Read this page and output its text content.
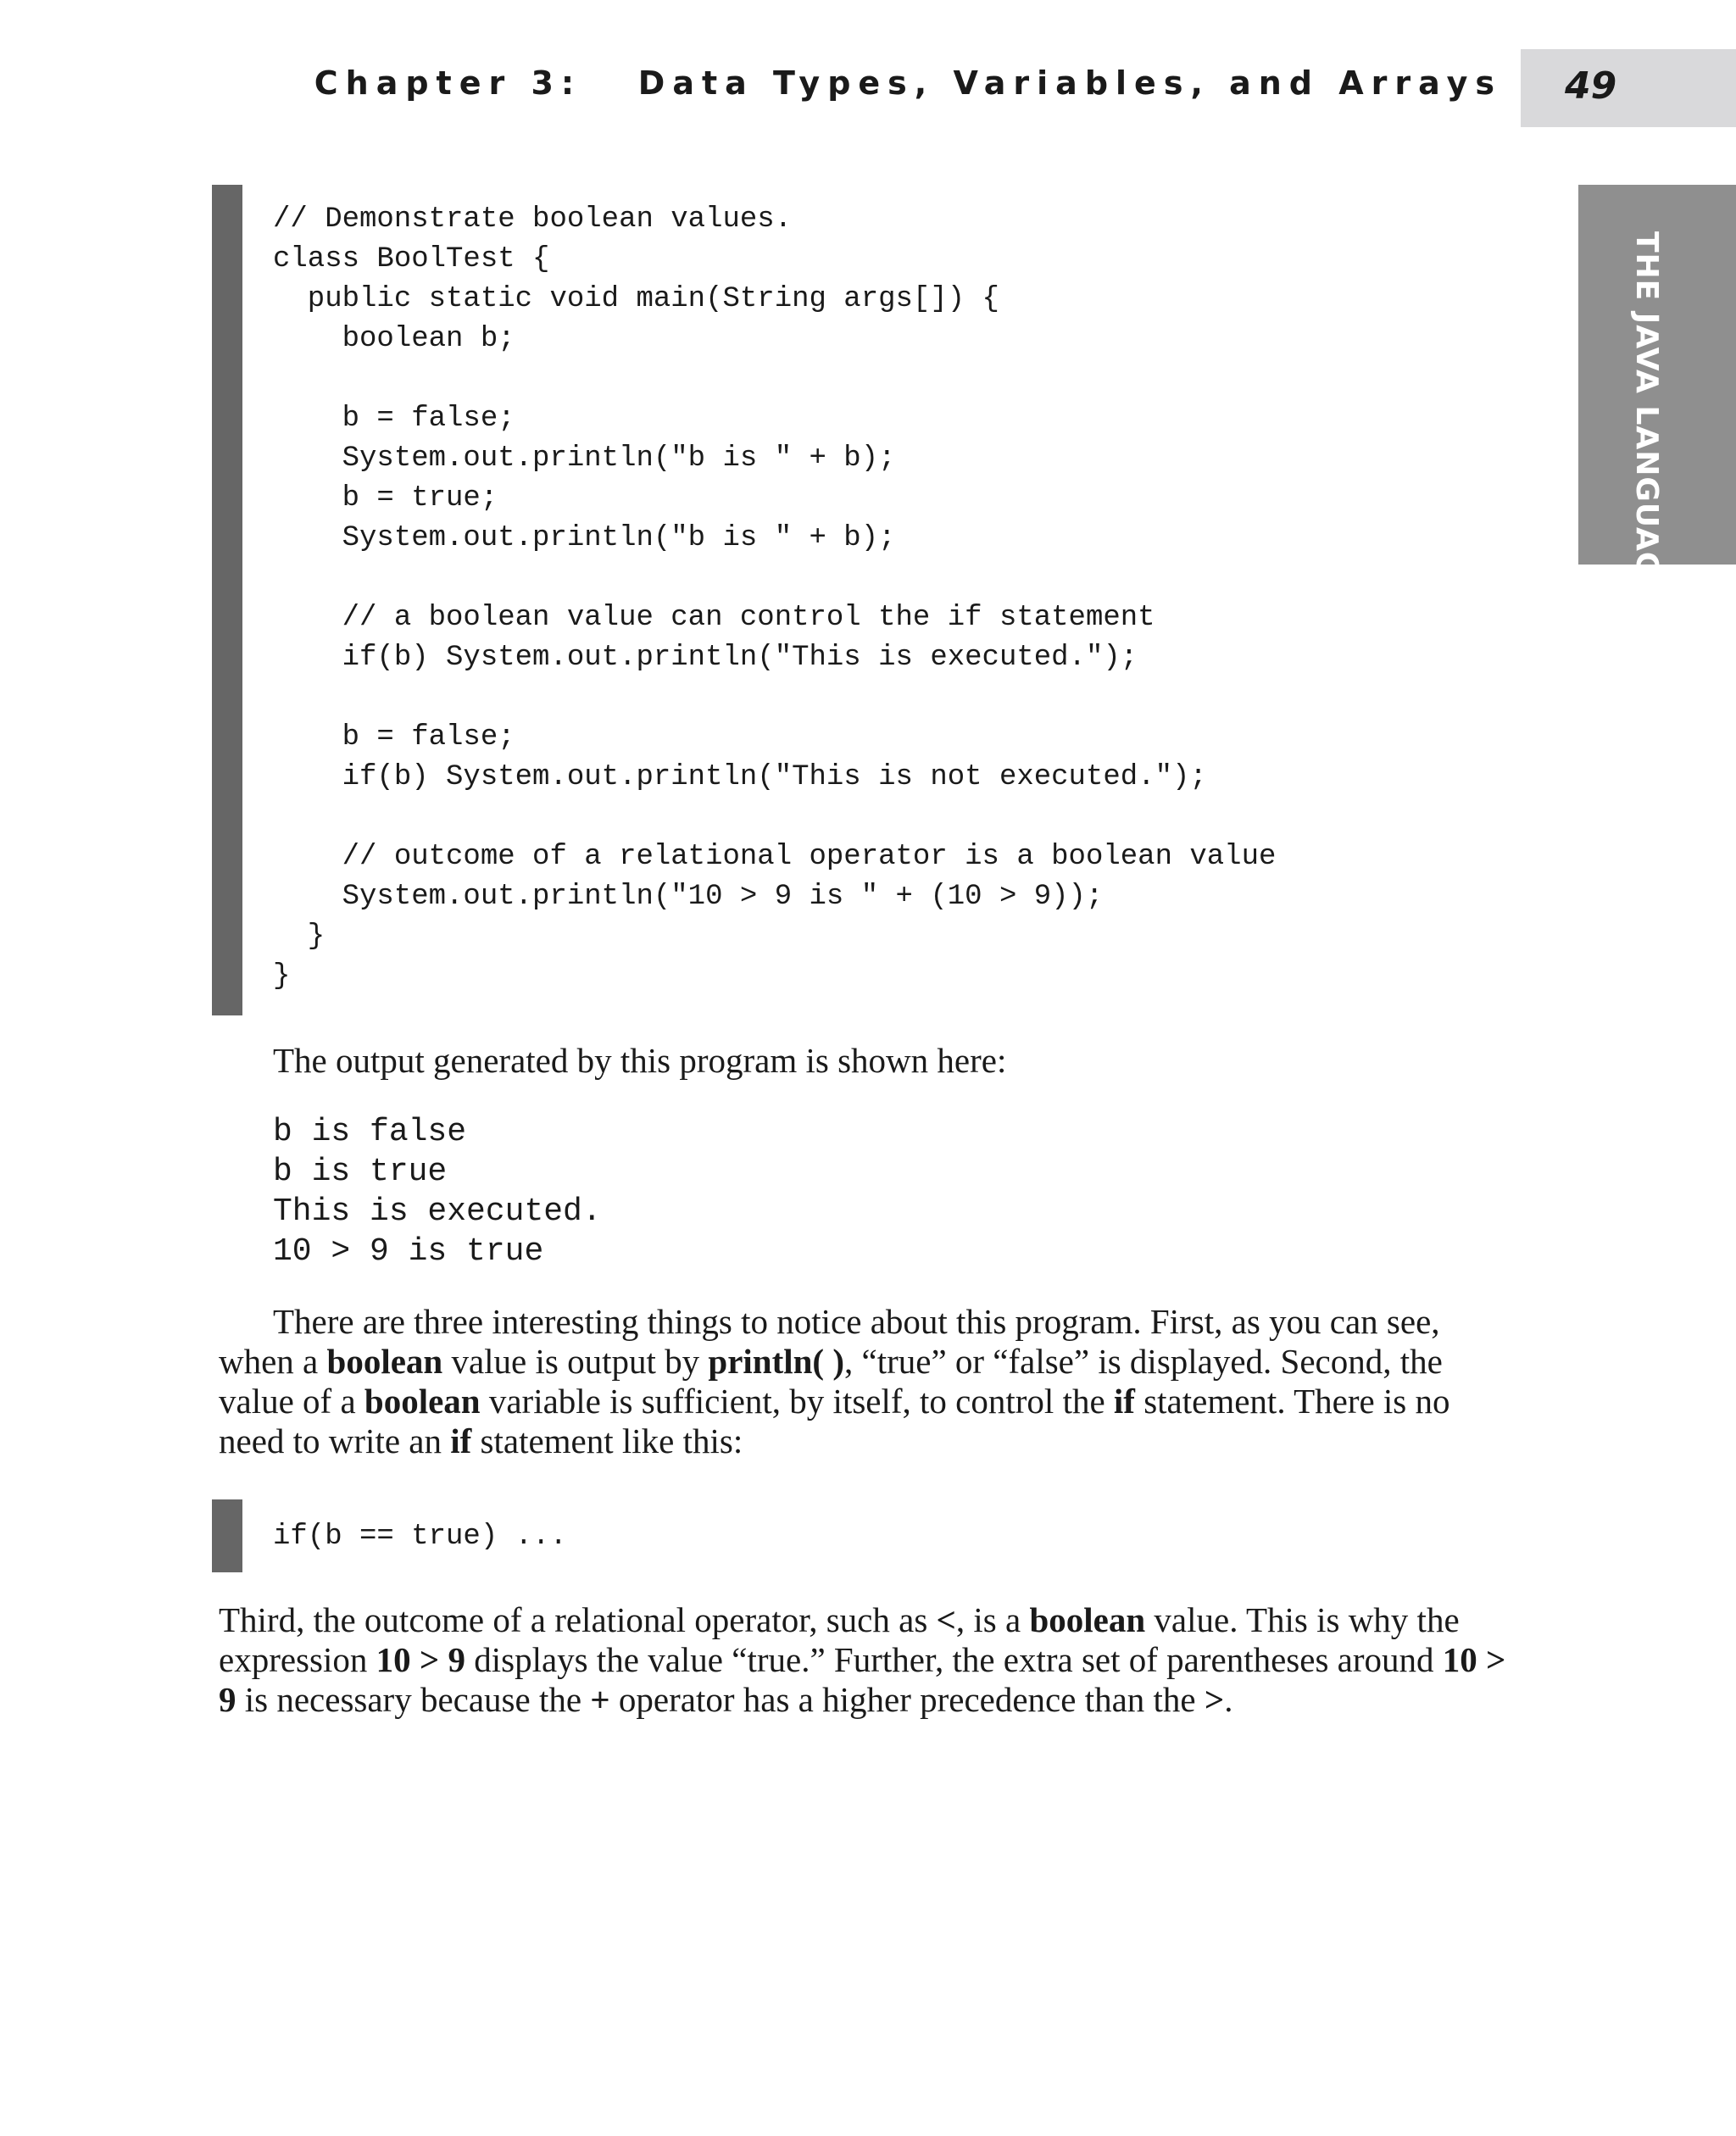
Chapter 3:   Data Types, Variables, and Arrays 49
THE JAVA LANGUAGE
// Demonstrate boolean values.
class BoolTest {
public static void main(String args[]) {
boolean b;
b = false;
System.out.println("b is " + b);
b = true;
System.out.println("b is " + b);
// a boolean value can control the if statement
if(b) System.out.println("This is executed.");
b = false;
if(b) System.out.println("This is not executed.");
// outcome of a relational operator is a boolean value
System.out.println("10 > 9 is " + (10 > 9));
}
}

The output generated by this program is shown here:

b is false
b is true
This is executed.
10 > 9 is true

There are three interesting things to notice about this program. First, as you can see, when a boolean value is output by println( ), “true” or “false” is displayed. Second, the value of a boolean variable is sufficient, by itself, to control the if statement. There is no need to write an if statement like this:

if(b == true) ...

Third, the outcome of a relational operator, such as <, is a boolean value. This is why the expression 10 > 9 displays the value “true.” Further, the extra set of parentheses around 10 > 9 is necessary because the + operator has a higher precedence than the >.
